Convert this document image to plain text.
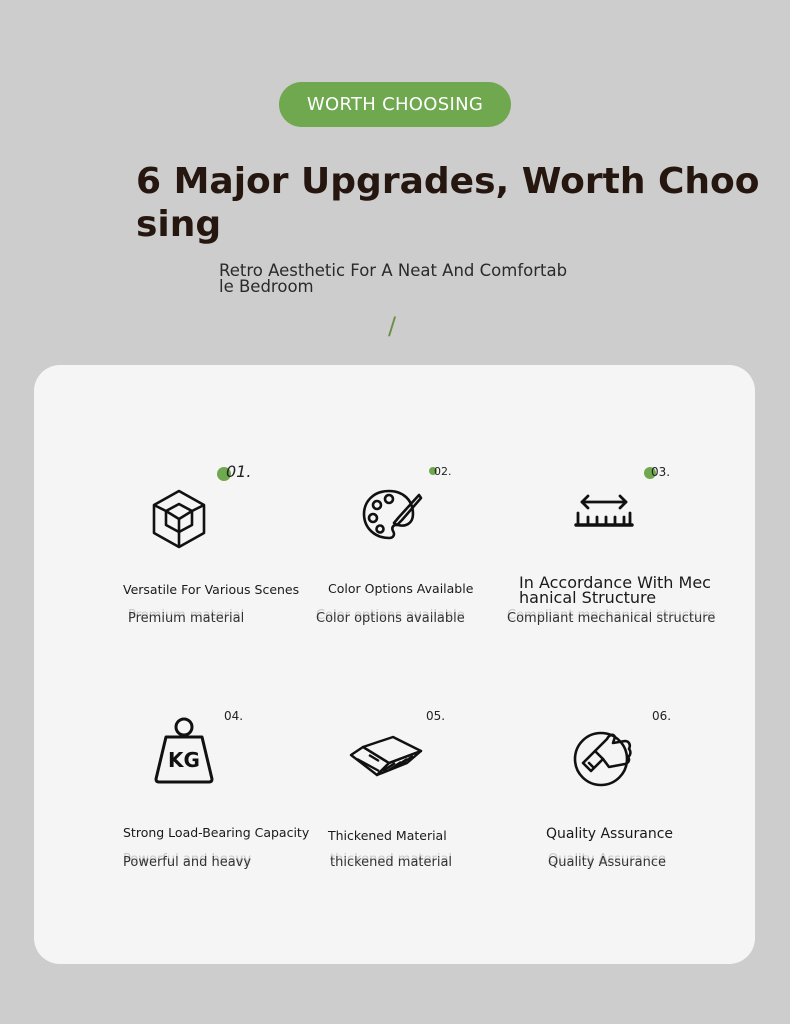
WORTH CHOOSING
6 Major Upgrades, Worth Choosing

Retro Aesthetic For A Neat And Comfortable Bedroom

/
01.
Versatile For Various Scenes
Premium material
02.
Color Options Available
Color options available
03.
In Accordance With Mechanical Structure
Compliant mechanical structure
04.
KG
Strong Load-Bearing Capacity
Powerful and heavy
05.
Thickened Material
thickened material
06.
Quality Assurance
Quality Assurance
